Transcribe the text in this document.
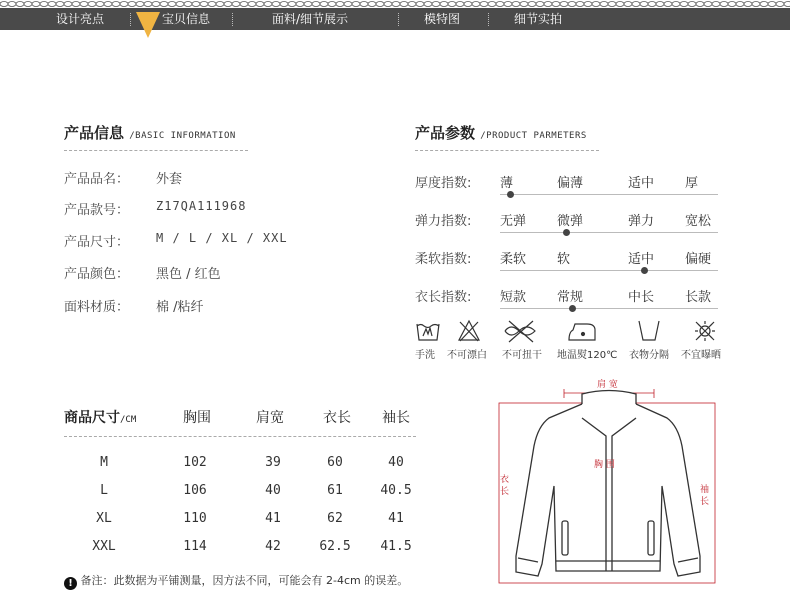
设计亮点	宝贝信息	面料/细节展示	模特图	细节实拍
产品信息 /BASIC INFORMATION
产品品名： 外套
产品款号： Z17QA111968
产品尺寸： M / L / XL / XXL
产品颜色： 黑色 / 红色
面料材质： 棉 /粘纤
产品参数 /PRODUCT PARMETERS
厚度指数: 薄	偏薄	适中 厚
弹力指数: 无弹 微弹	弹力 宽松
柔软指数: 柔软 软	适中 偏硬
衣长指数: 短款 常规	中长 长款
手洗 不可漂白 不可扭干 地温熨120℃ 衣物分隔 不宜曝晒
商品尺寸/CM	胸围	肩宽	衣长 袖长
M	102	39	60	40
L	106	40	61	40.5
XL	110	41	62	41
XXL	114	42	62.5	41.5
! 备注：此数据为平铺测量，因方法不同，可能会有 2-4cm 的误差。
肩 宽
胸 围
衣长	袖长
